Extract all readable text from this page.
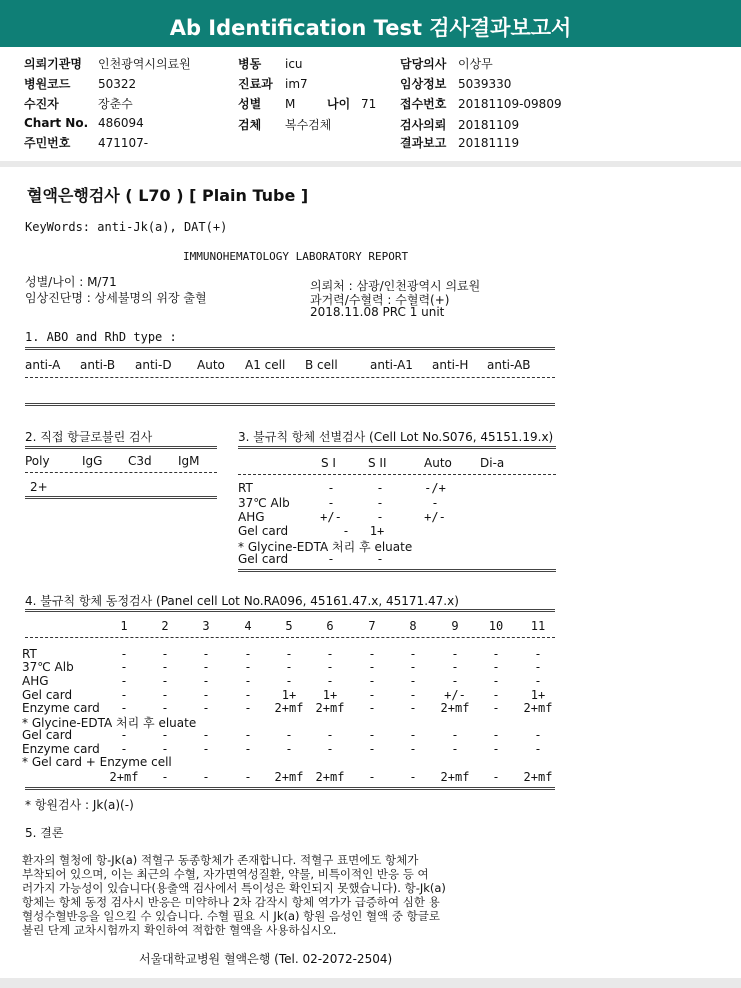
Ab Identification Test 검사결과보고서
의뢰기관명 인천광역시의료원
병원코드 50322
수진자	장춘수
Chart No. 486094
주민번호 471107-
병동 icu
진료과 im7
성별 M	나이 71
검체 복수검체
담당의사 이상무
임상정보 5039330
접수번호 20181109-09809
검사의뢰 20181109
결과보고 20181119
혈액은행검사 ( L70 ) [ Plain Tube ]
KeyWords: anti-Jk(a), DAT(+)
IMMUNOHEMATOLOGY LABORATORY REPORT
성별/나이 : M/71
임상진단명 : 상세불명의 위장 출혈
의뢰처 : 삼광/인천광역시 의료원
과거력/수혈력 : 수혈력(+)
2018.11.08 PRC 1 unit
1. ABO and RhD type :
anti-A anti-B anti-D Auto A1 cell B cell	anti-A1 anti-H anti-AB
2. 직접 항글로불린 검사
Poly	IgG C3d IgM
2+
3. 불규칙 항체 선별검사 (Cell Lot No.S076, 45151.19.x)
S I	S II	Auto Di-a
RT	-	-	-/+
37℃ Alb	-	-	-
AHG	+/-	-	+/-
Gel card	-	1+
* Glycine-EDTA 처리 후 eluate
Gel card	-	-
4. 불규칙 항체 동정검사 (Panel cell Lot No.RA096, 45161.47.x, 45171.47.x)
1	2	3	4	5	6	7	8	9	10	11
RT	-	-	-	-	-	-	-	-	-	-	-
37℃ Alb	-	-	-	-	-	-	-	-	-	-	-
AHG	-	-	-	-	-	-	-	-	-	-	-
Gel card	-	-	-	-	1+	1+	-	-	+/-	-	1+
Enzyme card	-	-	-	-	2+mf	2+mf	-	-	2+mf	-	2+mf
* Glycine-EDTA 처리 후 eluate
Gel card	-	-	-	-	-	-	-	-	-	-	-
Enzyme card	-	-	-	-	-	-	-	-	-	-	-
* Gel card + Enzyme cell
2+mf	-	-	-	2+mf	2+mf	-	-	2+mf	-	2+mf
* 항원검사 : Jk(a)(-)
5. 결론
환자의 혈청에 항-Jk(a) 적혈구 동종항체가 존재합니다. 적혈구 표면에도 항체가
부착되어 있으며, 이는 최근의 수혈, 자가면역성질환, 약물, 비특이적인 반응 등 여
러가지 가능성이 있습니다(용출액 검사에서 특이성은 확인되지 못했습니다). 항-Jk(a)
항체는 항체 동정 검사시 반응은 미약하나 2차 감작시 항체 역가가 급증하여 심한 용
혈성수혈반응을 일으킬 수 있습니다. 수혈 필요 시 Jk(a) 항원 음성인 혈액 중 항글로
불린 단계 교차시험까지 확인하여 적합한 혈액을 사용하십시오.
서울대학교병원 혈액은행 (Tel. 02-2072-2504)
